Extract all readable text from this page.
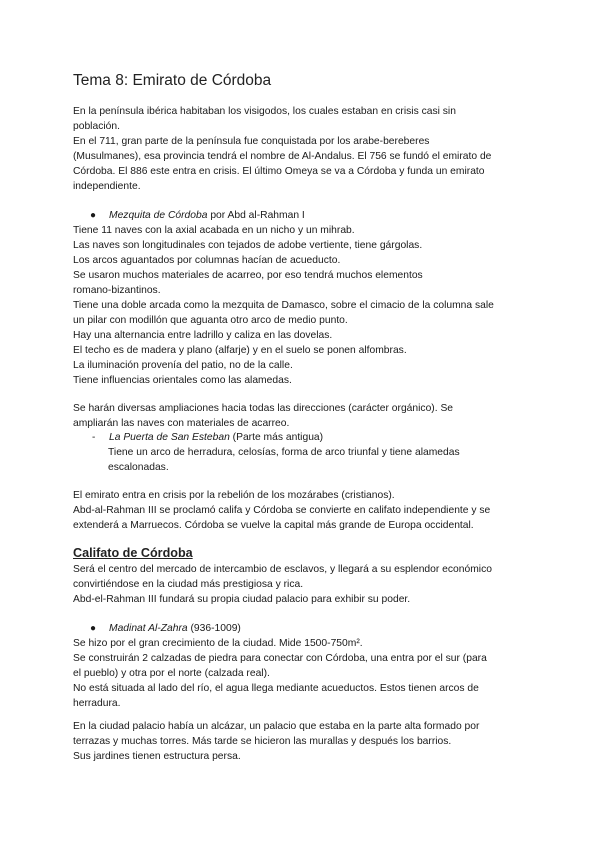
Tema 8: Emirato de Córdoba
En la península ibérica habitaban los visigodos, los cuales estaban en crisis casi sin
población.
En el 711, gran parte de la península fue conquistada por los arabe-bereberes
(Musulmanes), esa provincia tendrá el nombre de Al-Andalus. El 756 se fundó el emirato de
Córdoba. El 886 este entra en crisis. El último Omeya se va a Córdoba y funda un emirato
independiente.
● Mezquita de Córdoba por Abd al-Rahman I
Tiene 11 naves con la axial acabada en un nicho y un mihrab.
Las naves son longitudinales con tejados de adobe vertiente, tiene gárgolas.
Los arcos aguantados por columnas hacían de acueducto.
Se usaron muchos materiales de acarreo, por eso tendrá muchos elementos
romano-bizantinos.
Tiene una doble arcada como la mezquita de Damasco, sobre el cimacio de la columna sale
un pilar con modillón que aguanta otro arco de medio punto.
Hay una alternancia entre ladrillo y caliza en las dovelas.
El techo es de madera y plano (alfarje) y en el suelo se ponen alfombras.
La iluminación provenía del patio, no de la calle.
Tiene influencias orientales como las alamedas.
Se harán diversas ampliaciones hacia todas las direcciones (carácter orgánico). Se
ampliarán las naves con materiales de acarreo.
- La Puerta de San Esteban (Parte más antigua)
Tiene un arco de herradura, celosías, forma de arco triunfal y tiene alamedas
escalonadas.
El emirato entra en crisis por la rebelión de los mozárabes (cristianos).
Abd-al-Rahman III se proclamó califa y Córdoba se convierte en califato independiente y se
extenderá a Marruecos. Córdoba se vuelve la capital más grande de Europa occidental.
Califato de Córdoba
Será el centro del mercado de intercambio de esclavos, y llegará a su esplendor económico
convirtiéndose en la ciudad más prestigiosa y rica.
Abd-el-Rahman III fundará su propia ciudad palacio para exhibir su poder.
● Madinat Al-Zahra (936-1009)
Se hizo por el gran crecimiento de la ciudad. Mide 1500-750m².
Se construirán 2 calzadas de piedra para conectar con Córdoba, una entra por el sur (para
el pueblo) y otra por el norte (calzada real).
No está situada al lado del río, el agua llega mediante acueductos. Estos tienen arcos de
herradura.
En la ciudad palacio había un alcázar, un palacio que estaba en la parte alta formado por
terrazas y muchas torres. Más tarde se hicieron las murallas y después los barrios.
Sus jardines tienen estructura persa.
